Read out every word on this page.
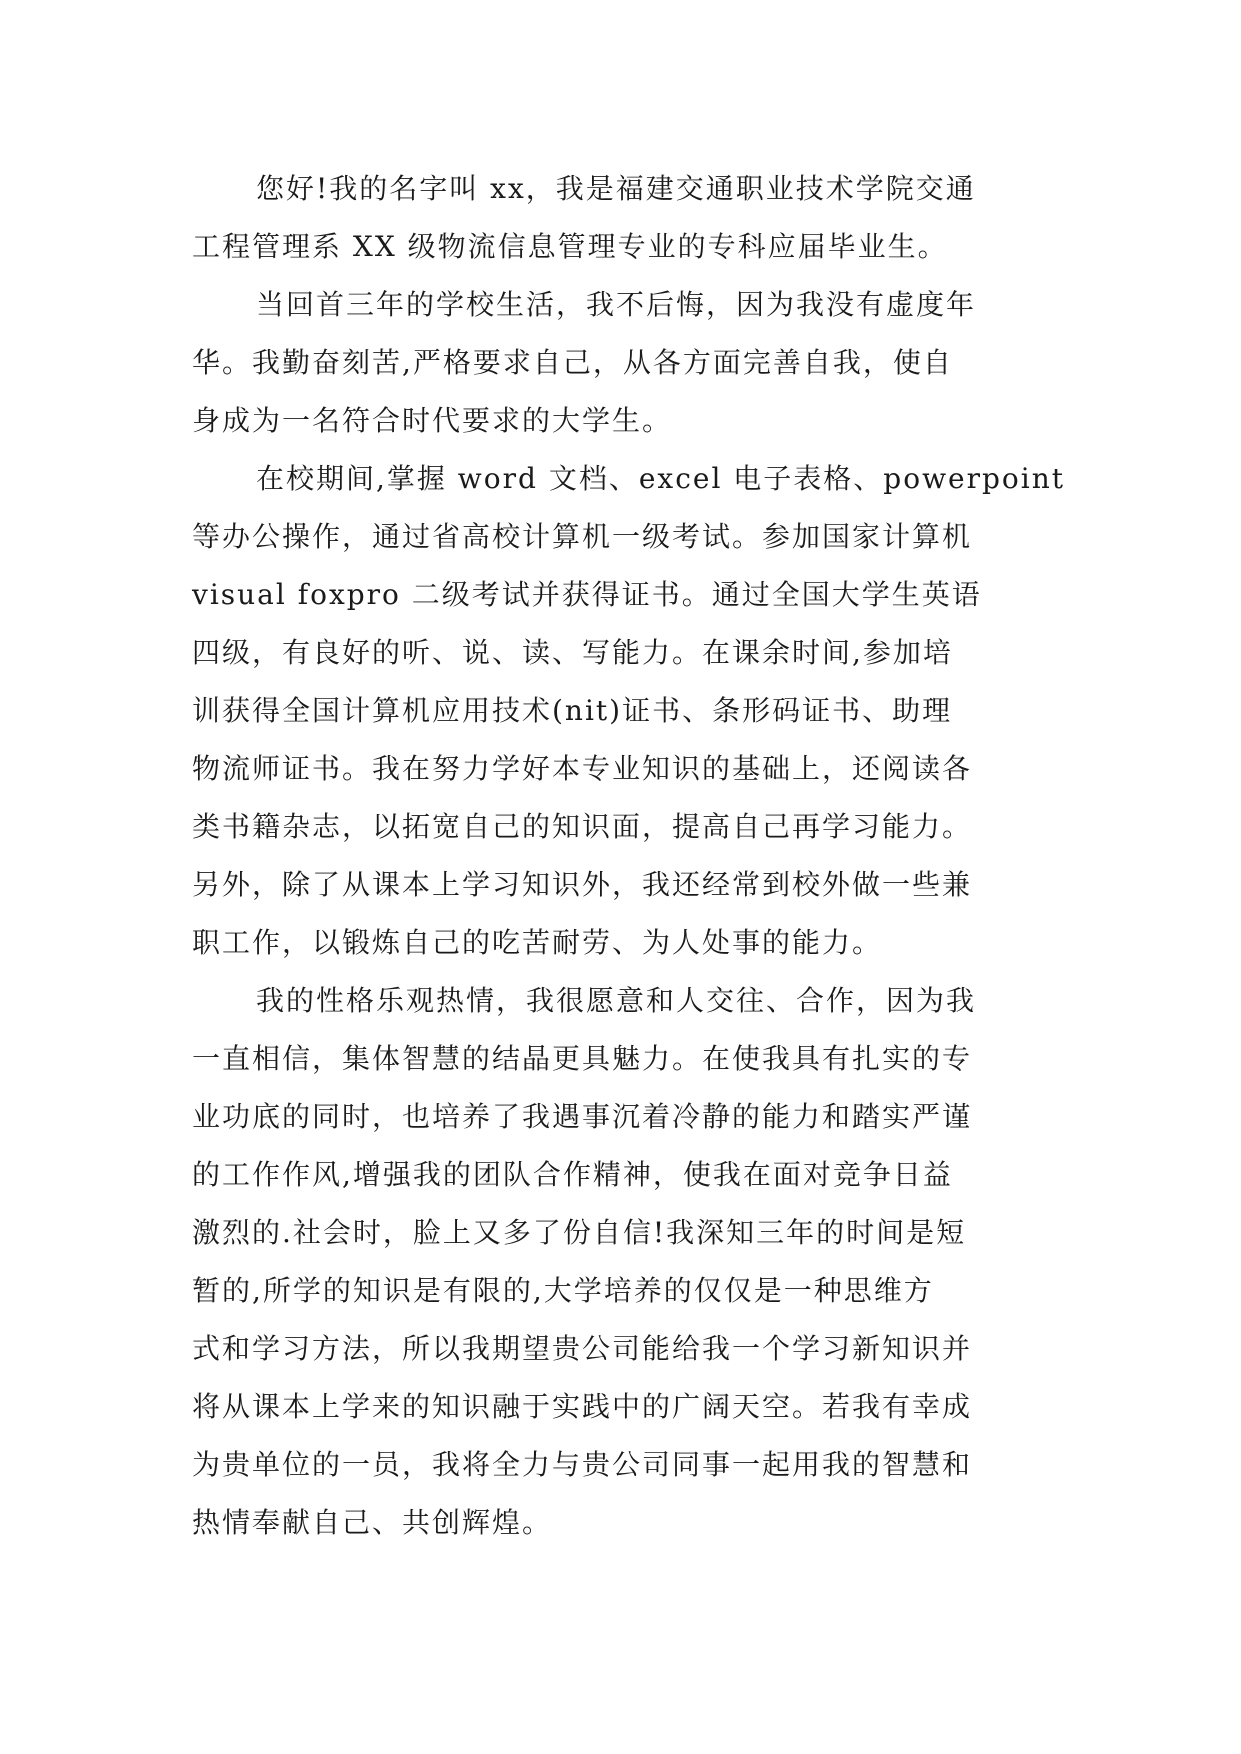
您好!我的名字叫 xx，我是福建交通职业技术学院交通
工程管理系 XX 级物流信息管理专业的专科应届毕业生。
当回首三年的学校生活，我不后悔，因为我没有虚度年
华。我勤奋刻苦,严格要求自己，从各方面完善自我，使自
身成为一名符合时代要求的大学生。
在校期间,掌握 word 文档、excel 电子表格、powerpoint
等办公操作，通过省高校计算机一级考试。参加国家计算机
visual foxpro 二级考试并获得证书。通过全国大学生英语
四级，有良好的听、说、读、写能力。在课余时间,参加培
训获得全国计算机应用技术(nit)证书、条形码证书、助理
物流师证书。我在努力学好本专业知识的基础上，还阅读各
类书籍杂志，以拓宽自己的知识面，提高自己再学习能力。
另外，除了从课本上学习知识外，我还经常到校外做一些兼
职工作，以锻炼自己的吃苦耐劳、为人处事的能力。
我的性格乐观热情，我很愿意和人交往、合作，因为我
一直相信，集体智慧的结晶更具魅力。在使我具有扎实的专
业功底的同时，也培养了我遇事沉着冷静的能力和踏实严谨
的工作作风,增强我的团队合作精神，使我在面对竞争日益
激烈的.社会时，脸上又多了份自信!我深知三年的时间是短
暂的,所学的知识是有限的,大学培养的仅仅是一种思维方
式和学习方法，所以我期望贵公司能给我一个学习新知识并
将从课本上学来的知识融于实践中的广阔天空。若我有幸成
为贵单位的一员，我将全力与贵公司同事一起用我的智慧和
热情奉献自己、共创辉煌。
